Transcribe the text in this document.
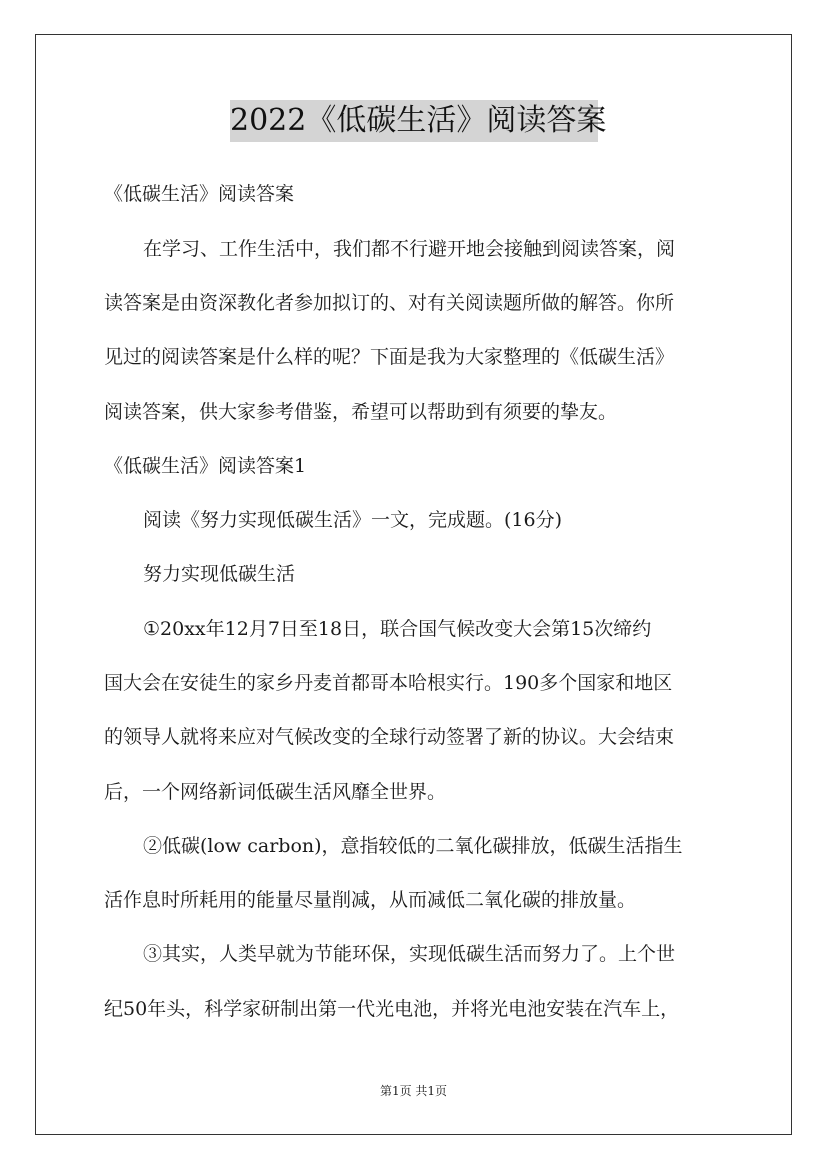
2022《低碳生活》阅读答案
《低碳生活》阅读答案
在学习、工作生活中，我们都不行避开地会接触到阅读答案，阅
读答案是由资深教化者参加拟订的、对有关阅读题所做的解答。你所
见过的阅读答案是什么样的呢？下面是我为大家整理的《低碳生活》
阅读答案，供大家参考借鉴，希望可以帮助到有须要的挚友。
《低碳生活》阅读答案1
阅读《努力实现低碳生活》一文，完成题。(16分)
努力实现低碳生活
①20xx年12月7日至18日，联合国气候改变大会第15次缔约
国大会在安徒生的家乡丹麦首都哥本哈根实行。190多个国家和地区
的领导人就将来应对气候改变的全球行动签署了新的协议。大会结束
后，一个网络新词低碳生活风靡全世界。
②低碳(low carbon)，意指较低的二氧化碳排放，低碳生活指生
活作息时所耗用的能量尽量削减，从而减低二氧化碳的排放量。
③其实，人类早就为节能环保，实现低碳生活而努力了。上个世
纪50年头，科学家研制出第一代光电池，并将光电池安装在汽车上，
第1页 共1页
